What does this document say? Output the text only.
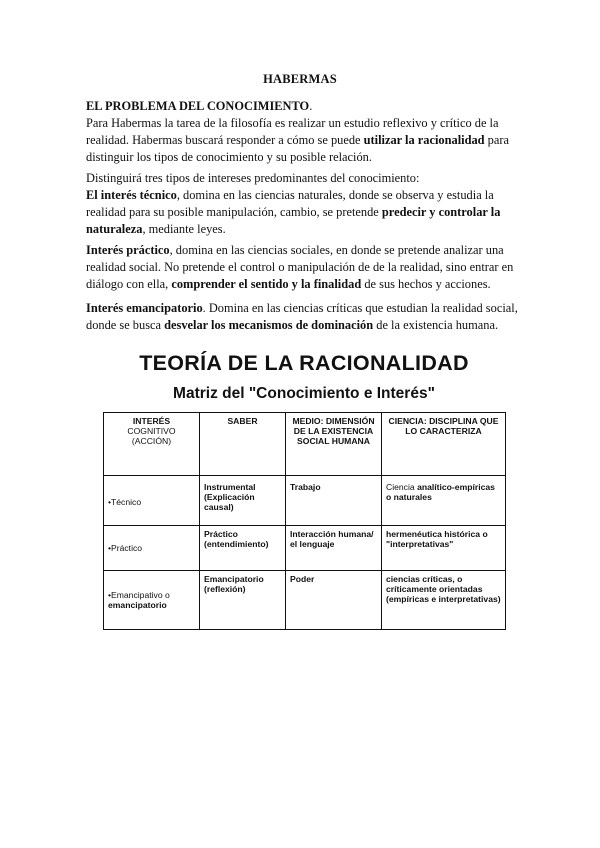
HABERMAS

EL PROBLEMA DEL CONOCIMIENTO.
Para Habermas la tarea de la filosofía es realizar un estudio reflexivo y crítico de la realidad. Habermas buscará responder a cómo se puede utilizar la racionalidad para distinguir los tipos de conocimiento y su posible relación.

Distinguirá tres tipos de intereses predominantes del conocimiento:
El interés técnico, domina en las ciencias naturales, donde se observa y estudia la realidad para su posible manipulación, cambio, se pretende predecir y controlar la naturaleza, mediante leyes.

Interés práctico, domina en las ciencias sociales, en donde se pretende analizar una realidad social. No pretende el control o manipulación de de la realidad, sino entrar en diálogo con ella, comprender el sentido y la finalidad de sus hechos y acciones.

Interés emancipatorio. Domina en las ciencias críticas que estudian la realidad social, donde se busca desvelar los mecanismos de dominación de la existencia humana.

TEORÍA DE LA RACIONALIDAD
Matriz del "Conocimiento e Interés"
INTERÉS
COGNITIVO (ACCIÓN)	SABER	MEDIO: DIMENSIÓN DE LA EXISTENCIA SOCIAL HUMANA	CIENCIA: DISCIPLINA QUE LO CARACTERIZA
•Técnico	Instrumental (Explicación causal)	Trabajo	Ciencia analítico-empíricas o naturales
•Práctico	Práctico (entendimiento)	Interacción humana/ el lenguaje	hermenéutica histórica o "interpretativas"
•Emancipativo o
emancipatorio	Emancipatorio (reflexión)	Poder	ciencias críticas, o críticamente orientadas (empíricas e interpretativas)
